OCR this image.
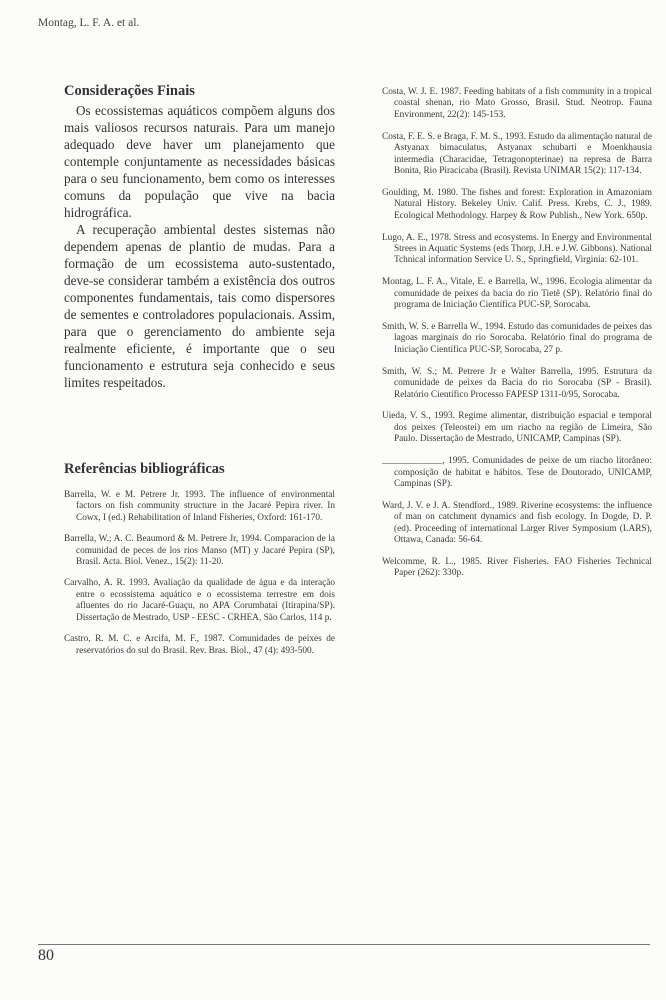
Montag, L. F. A. et al.
Considerações Finais

Os ecossistemas aquáticos compõem alguns dos mais valiosos recursos naturais. Para um manejo adequado deve haver um planejamento que contemple conjuntamente as necessidades básicas para o seu funcionamento, bem como os interesses comuns da população que vive na bacia hidrográfica.

A recuperação ambiental destes sistemas não dependem apenas de plantio de mudas. Para a formação de um ecossistema auto-sustentado, deve-se considerar também a existência dos outros componentes fundamentais, tais como dispersores de sementes e controladores populacionais. Assim, para que o gerenciamento do ambiente seja realmente eficiente, é importante que o seu funcionamento e estrutura seja conhecido e seus limites respeitados.

Referências bibliográficas

Barrella, W. e M. Petrere Jr. 1993. The influence of environmental factors on fish community structure in the Jacaré Pepira river. In Cowx, I (ed.) Rehabilitation of Inland Fisheries, Oxford: 161-170.

Barrella, W.; A. C. Beaumord & M. Petrere Jr, 1994. Comparacion de la comunidad de peces de los rios Manso (MT) y Jacaré Pepira (SP), Brasil. Acta. Biol. Venez., 15(2): 11-20.

Carvalho, A. R. 1993. Avaliação da qualidade de água e da interação entre o ecossistema aquático e o ecossistema terrestre em dois afluentes do rio Jacaré-Guaçu, no APA Corumbataí (Itirapina/SP). Dissertação de Mestrado, USP - EESC - CRHEA, São Carlos, 114 p.

Castro, R. M. C. e Arcifa, M. F., 1987. Comunidades de peixes de reservatórios do sul do Brasil. Rev. Bras. Biol., 47 (4): 493-500.

Costa, W. J. E. 1987. Feeding habitats of a fish community in a tropical coastal shenan, rio Mato Grosso, Brasil. Stud. Neotrop. Fauna Environment, 22(2): 145-153.

Costa, F. E. S. e Braga, F. M. S., 1993. Estudo da alimentação natural de Astyanax bimaculatus, Astyanax schubarti e Moenkhausia intermedia (Characidae, Tetragonopterinae) na represa de Barra Bonita, Rio Piracicaba (Brasil). Revista UNIMAR 15(2): 117-134.

Goulding, M. 1980. The fishes and forest: Exploration in Amazoniam Natural History. Bekeley Univ. Calif. Press. Krebs, C. J., 1989. Ecological Methodology. Harpey & Row Publish., New York. 650p.

Lugo, A. E., 1978. Stress and ecosystems. In Energy and Environmental Strees in Aquatic Systems (eds Thorp, J.H. e J.W. Gibbons). National Tchnical information Service U. S., Springfield, Virginia: 62-101.

Montag, L. F. A., Vitale, E. e Barrella, W., 1996. Ecologia alimentar da comunidade de peixes da bacia do rio Tietê (SP). Relatório final do programa de Iniciação Científica PUC-SP, Sorocaba.

Smith, W. S. e Barrella W., 1994. Estudo das comunidades de peixes das lagoas marginais do rio Sorocaba. Relatório final do programa de Iniciação Científica PUC-SP, Sorocaba, 27 p.

Smith, W. S.; M. Petrere Jr e Walter Barrella, 1995. Estrutura da comunidade de peixes da Bacia do rio Sorocaba (SP - Brasil). Relatório Científico Processo FAPESP 1311-0/95, Sorocaba.

Uieda, V. S., 1993. Regime alimentar, distribuição espacial e temporal dos peixes (Teleostei) em um riacho na região de Limeira, São Paulo. Dissertação de Mestrado, UNICAMP, Campinas (SP).

_____________, 1995. Comunidades de peixe de um riacho litorâneo: composição de habitat e hábitos. Tese de Doutorado, UNICAMP, Campinas (SP).

Ward, J. V. e J. A. Stendford., 1989. Riverine ecosystems: the influence of man on catchment dynamics and fish ecology. In Dogde, D. P. (ed). Proceeding of international Larger River Symposium (LARS), Ottawa, Canada: 56-64.

Welcomme, R. L., 1985. River Fisheries. FAO Fisheries Technical Paper (262): 330p.

80
